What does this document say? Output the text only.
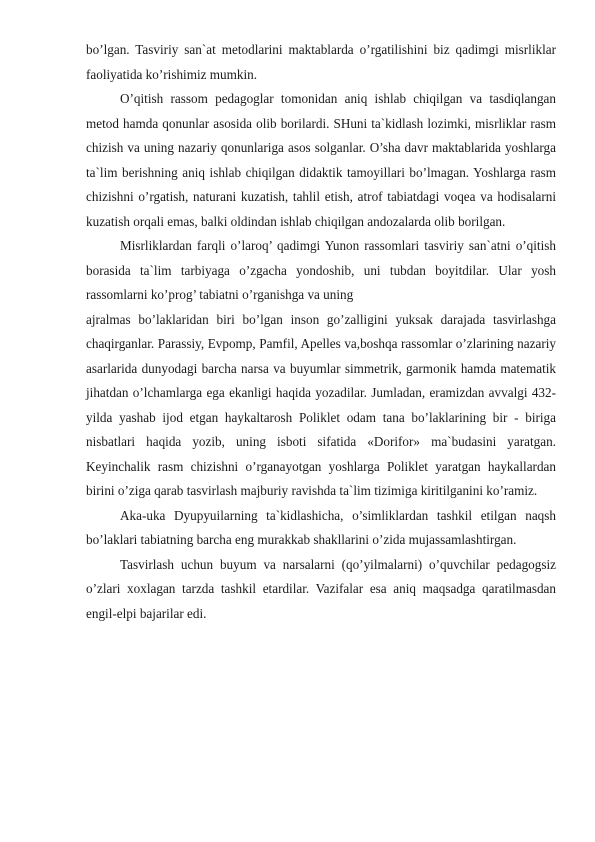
bo’lgan. Tasviriy san`at metodlarini maktablarda o’rgatilishini biz qadimgi misrliklar faoliyatida ko’rishimiz mumkin.

O’qitish rassom pedagoglar tomonidan aniq ishlab chiqilgan va tasdiqlangan metod hamda qonunlar asosida olib borilardi. SHuni ta`kidlash lozimki, misrliklar rasm chizish va uning nazariy qonunlariga asos solganlar. O’sha davr maktablarida yoshlarga ta`lim berishning aniq ishlab chiqilgan didaktik tamoyillari bo’lmagan. Yoshlarga rasm chizishni o’rgatish, naturani kuzatish, tahlil etish, atrof tabiatdagi voqea va hodisalarni kuzatish orqali emas, balki oldindan ishlab chiqilgan andozalarda olib borilgan.

Misrliklardan farqli o’laroq’ qadimgi Yunon rassomlari tasviriy san`atni o’qitish borasida ta`lim tarbiyaga o’zgacha yondoshib, uni tubdan boyitdilar. Ular yosh rassomlarni ko’prog’ tabiatni o’rganishga va uning

ajralmas bo’laklaridan biri bo’lgan inson go’zalligini yuksak darajada tasvirlashga chaqirganlar. Parassiy, Evpomp, Pamfil, Apelles va,boshqa rassomlar o’zlarining nazariy asarlarida dunyodagi barcha narsa va buyumlar simmetrik, garmonik hamda matematik jihatdan o’lchamlarga ega ekanligi haqida yozadilar. Jumladan, eramizdan avvalgi 432-yilda yashab ijod etgan haykaltarosh Poliklet odam tana bo’laklarining bir - biriga nisbatlari haqida yozib, uning isboti sifatida «Dorifor» ma`budasini yaratgan. Keyinchalik rasm chizishni o’rganayotgan yoshlarga Poliklet yaratgan haykallardan birini o’ziga qarab tasvirlash majburiy ravishda ta`lim tizimiga kiritilganini ko’ramiz.

Aka-uka Dyupyuilarning ta`kidlashicha, o’simliklardan tashkil etilgan naqsh bo’laklari tabiatning barcha eng murakkab shakllarini o’zida mujassamlashtirgan.

Tasvirlash uchun buyum va narsalarni (qo’yilmalarni) o’quvchilar pedagogsiz o’zlari xoxlagan tarzda tashkil etardilar. Vazifalar esa aniq maqsadga qaratilmasdan engil-elpi bajarilar edi.
